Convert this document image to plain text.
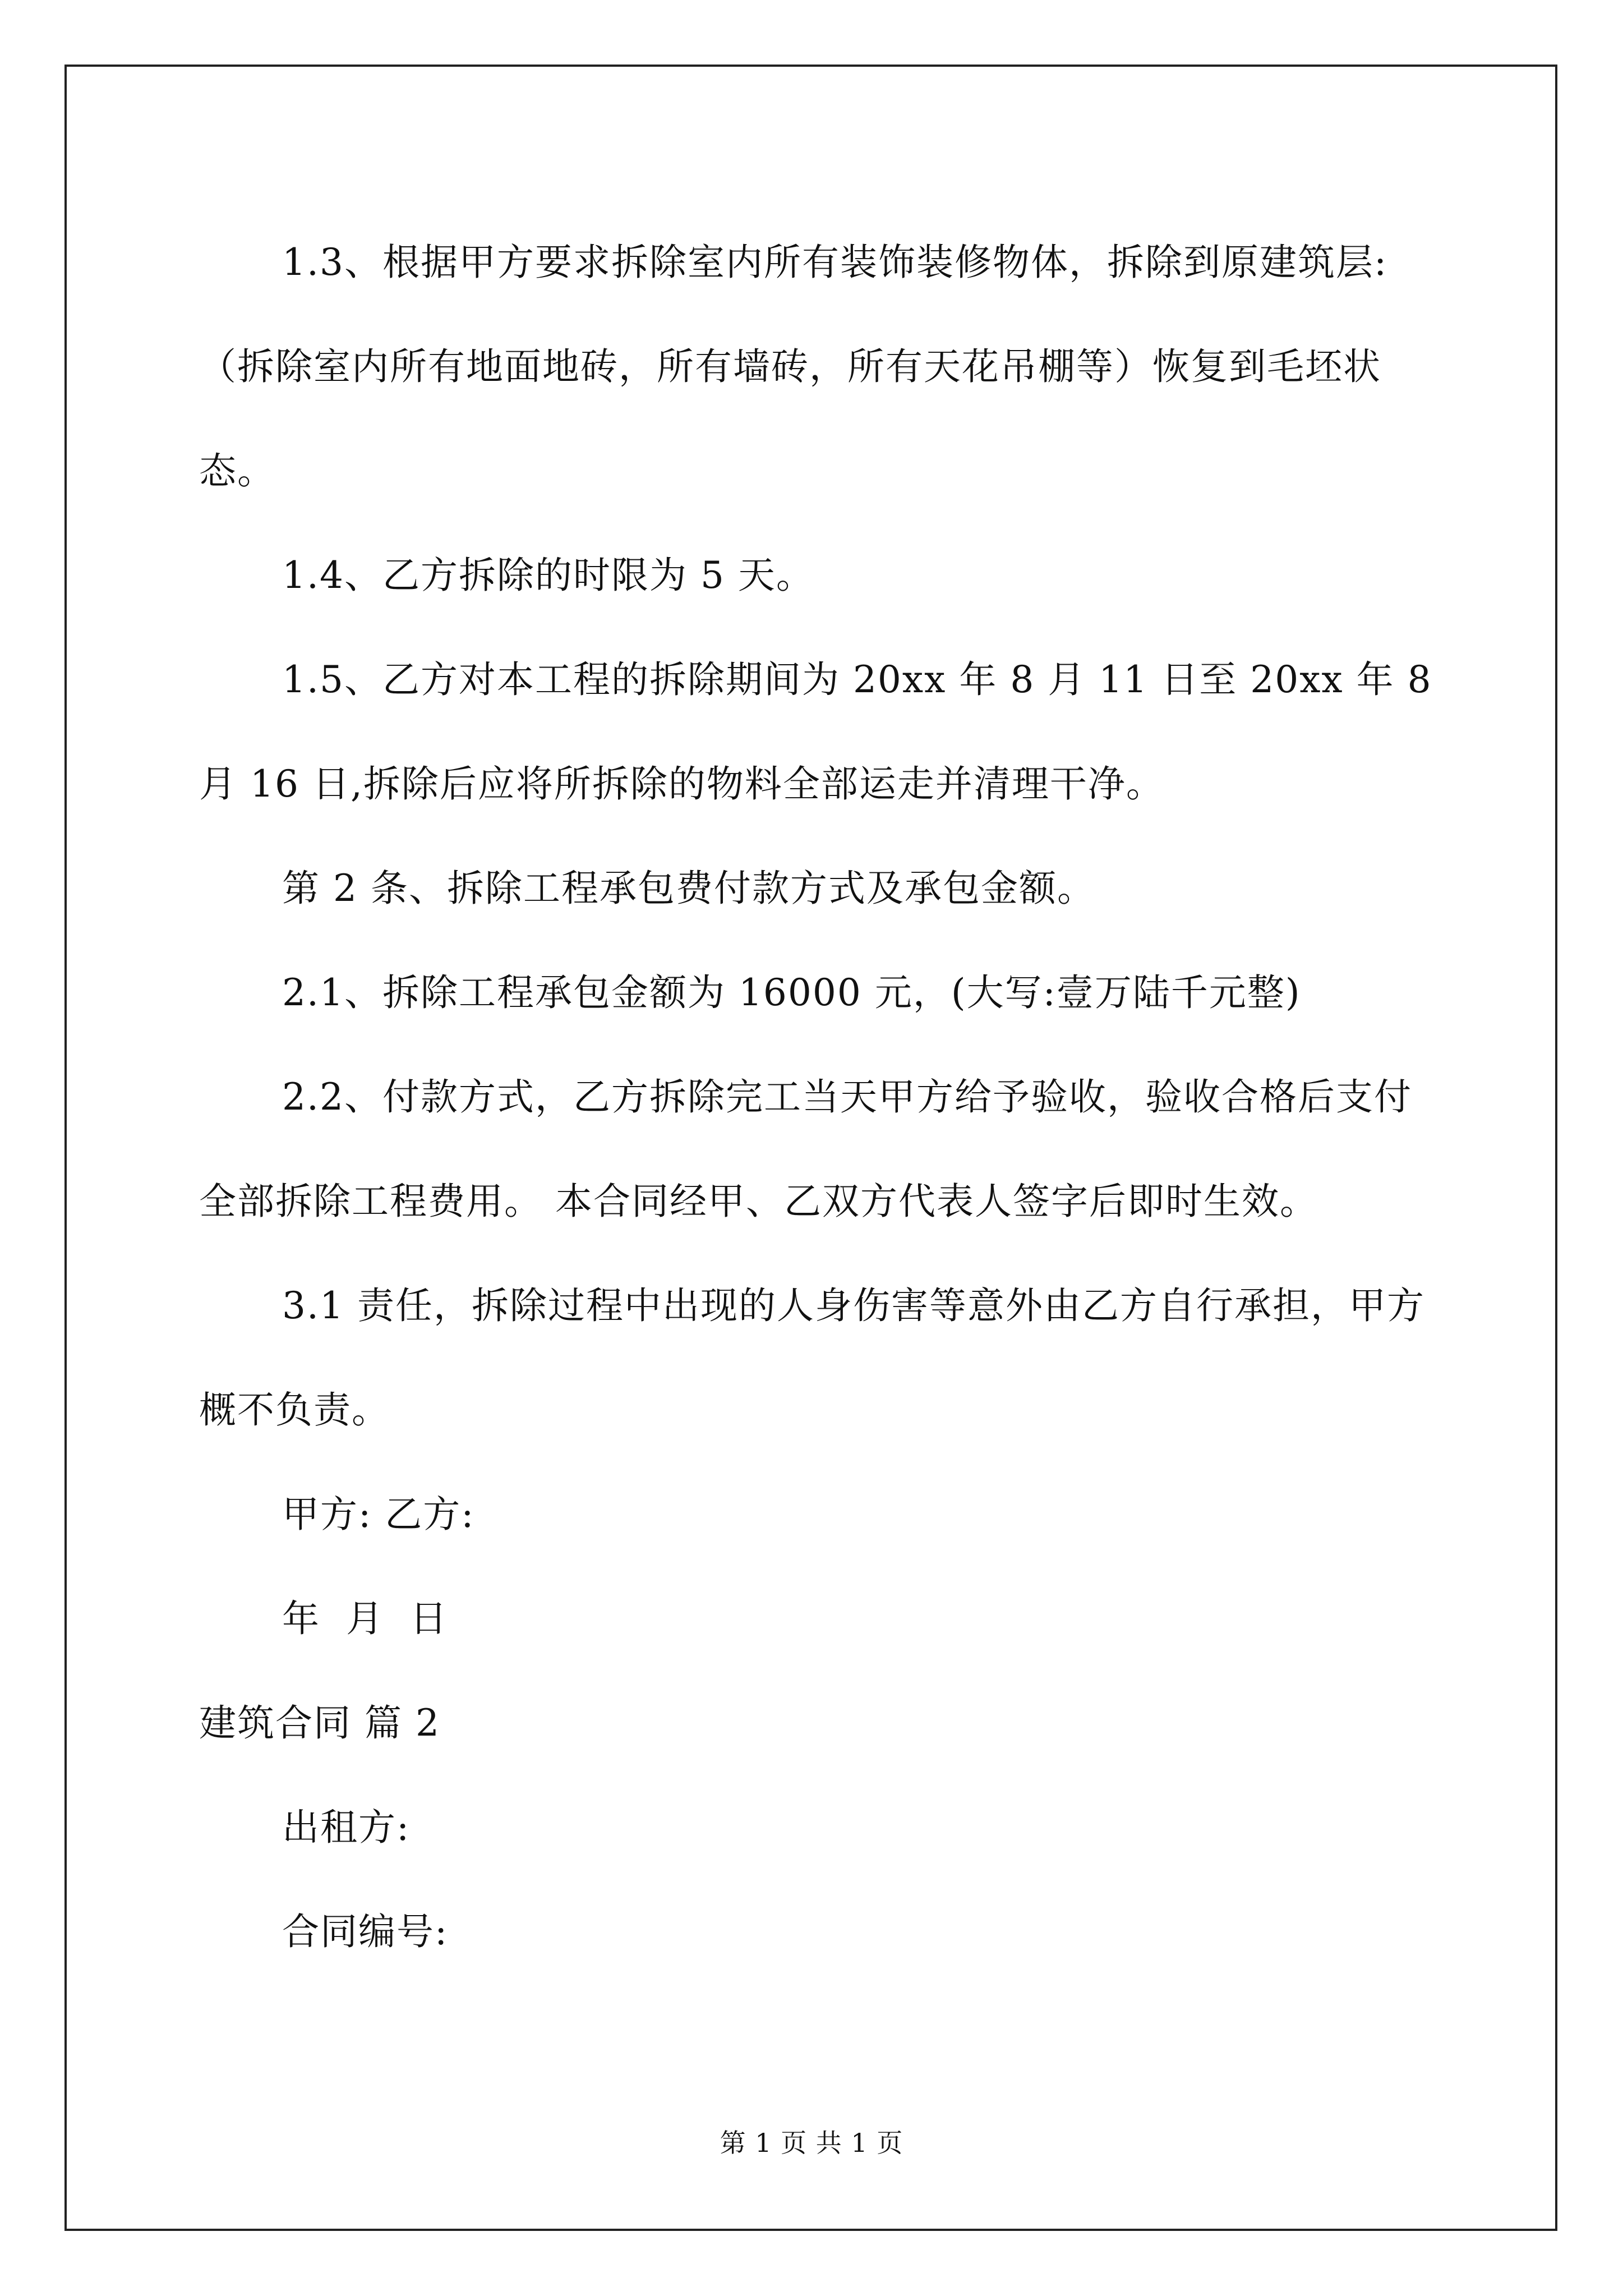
1.3、根据甲方要求拆除室内所有装饰装修物体，拆除到原建筑层:（拆除室内所有地面地砖，所有墙砖，所有天花吊棚等）恢复到毛坯状态。

1.4、乙方拆除的时限为 5 天。

1.5、乙方对本工程的拆除期间为 20xx 年 8 月 11 日至 20xx 年 8 月 16 日,拆除后应将所拆除的物料全部运走并清理干净。

第 2 条、拆除工程承包费付款方式及承包金额。

2.1、拆除工程承包金额为 16000 元，(大写:壹万陆千元整)

2.2、付款方式，乙方拆除完工当天甲方给予验收，验收合格后支付全部拆除工程费用。 本合同经甲、乙双方代表人签字后即时生效。

3.1 责任，拆除过程中出现的人身伤害等意外由乙方自行承担，甲方概不负责。

甲方: 乙方:

年  月  日

建筑合同 篇 2

出租方:

合同编号:

第 1 页 共 1 页
